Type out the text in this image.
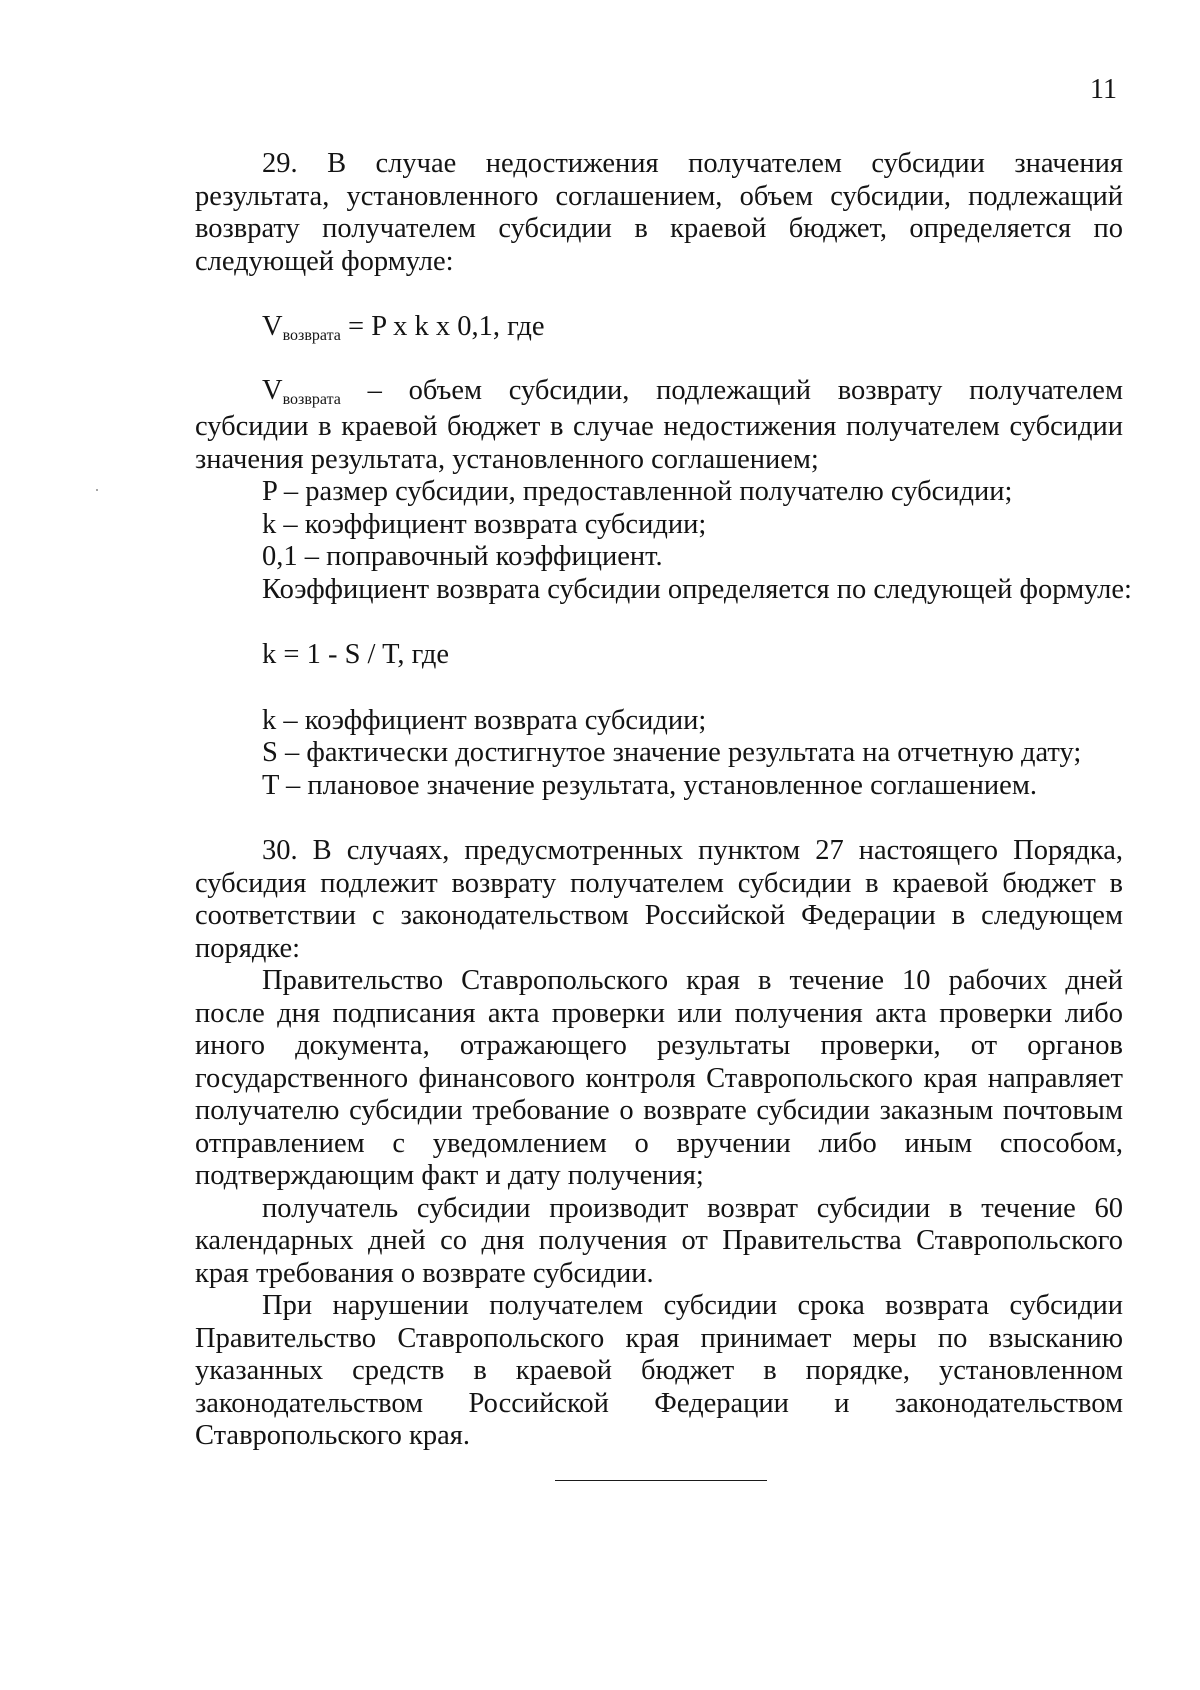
11

29. В случае недостижения получателем субсидии значения результата, установленного соглашением, объем субсидии, подлежащий возврату получателем субсидии в краевой бюджет, определяется по следующей формуле:

Vвозврата = P x k x 0,1, где

Vвозврата – объем субсидии, подлежащий возврату получателем субсидии в краевой бюджет в случае недостижения получателем субсидии значения результата, установленного соглашением;

P – размер субсидии, предоставленной получателю субсидии;

k – коэффициент возврата субсидии;

0,1 – поправочный коэффициент.

Коэффициент возврата субсидии определяется по следующей формуле:

k = 1 - S / T, где

k – коэффициент возврата субсидии;

S – фактически достигнутое значение результата на отчетную дату;

T – плановое значение результата, установленное соглашением.

30. В случаях, предусмотренных пунктом 27 настоящего Порядка, субсидия подлежит возврату получателем субсидии в краевой бюджет в соответствии с законодательством Российской Федерации в следующем порядке:

Правительство Ставропольского края в течение 10 рабочих дней после дня подписания акта проверки или получения акта проверки либо иного документа, отражающего результаты проверки, от органов государственного финансового контроля Ставропольского края направляет получателю субсидии требование о возврате субсидии заказным почтовым отправлением с уведомлением о вручении либо иным способом, подтверждающим факт и дату получения;

получатель субсидии производит возврат субсидии в течение 60 календарных дней со дня получения от Правительства Ставропольского края требования о возврате субсидии.

При нарушении получателем субсидии срока возврата субсидии Правительство Ставропольского края принимает меры по взысканию указанных средств в краевой бюджет в порядке, установленном законодательством Российской Федерации и законодательством Ставропольского края.
